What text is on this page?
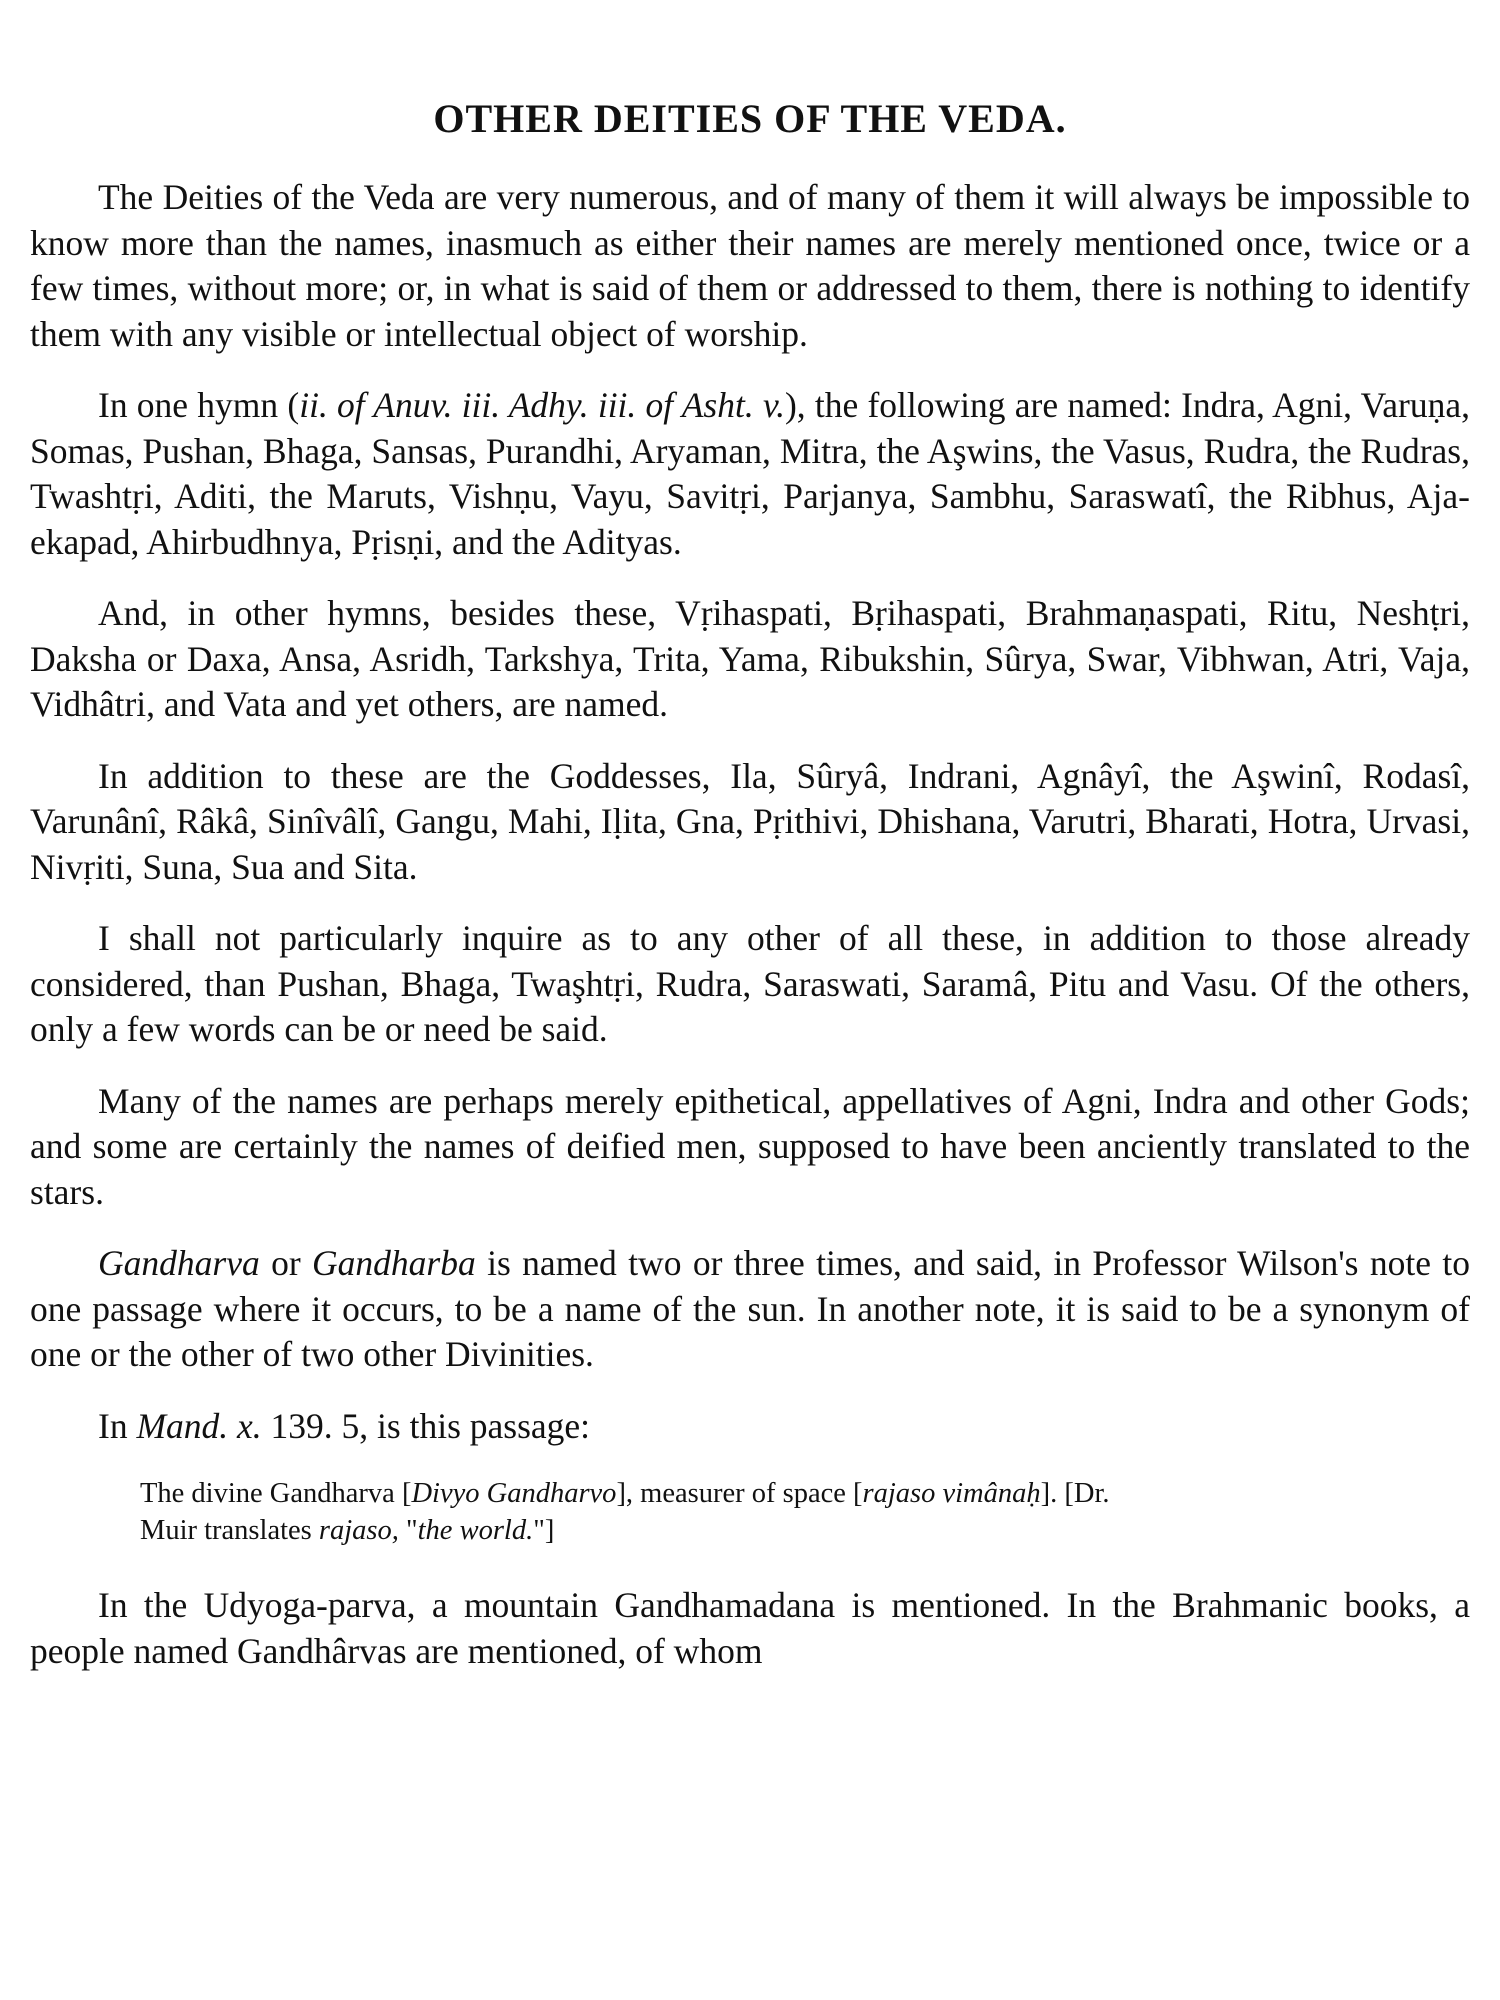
OTHER DEITIES OF THE VEDA.

The Deities of the Veda are very numerous, and of many of them it will always be impossible to know more than the names, inasmuch as either their names are merely mentioned once, twice or a few times, without more; or, in what is said of them or addressed to them, there is nothing to identify them with any visible or intellectual object of worship.

In one hymn (ii. of Anuv. iii. Adhy. iii. of Asht. v.), the following are named: Indra, Agni, Varuṇa, Somas, Pushan, Bhaga, Sansas, Purandhi, Aryaman, Mitra, the Aşwins, the Vasus, Rudra, the Rudras, Twashtṛi, Aditi, the Maruts, Vishṇu, Vayu, Savitṛi, Parjanya, Sambhu, Saraswatî, the Ribhus, Aja-ekapad, Ahirbudhnya, Pṛisṇi, and the Adityas.

And, in other hymns, besides these, Vṛihaspati, Bṛihaspati, Brahmaṇaspati, Ritu, Neshṭri, Daksha or Daxa, Ansa, Asridh, Tarkshya, Trita, Yama, Ribukshin, Sûrya, Swar, Vibhwan, Atri, Vaja, Vidhâtri, and Vata and yet others, are named.

In addition to these are the Goddesses, Ila, Sûryâ, Indrani, Agnâyî, the Aşwinî, Rodasî, Varunânî, Râkâ, Sinîvâlî, Gangu, Mahi, Iḷita, Gna, Pṛithivi, Dhishana, Varutri, Bharati, Hotra, Urvasi, Nivṛiti, Suna, Sua and Sita.

I shall not particularly inquire as to any other of all these, in addition to those already considered, than Pushan, Bhaga, Twaşhtṛi, Rudra, Saraswati, Saramâ, Pitu and Vasu. Of the others, only a few words can be or need be said.

Many of the names are perhaps merely epithetical, appellatives of Agni, Indra and other Gods; and some are certainly the names of deified men, supposed to have been anciently translated to the stars.

Gandharva or Gandharba is named two or three times, and said, in Professor Wilson's note to one passage where it occurs, to be a name of the sun. In another note, it is said to be a synonym of one or the other of two other Divinities.

In Mand. x. 139. 5, is this passage:

The divine Gandharva [Divyo Gandharvo], measurer of space [rajaso vimânaḥ]. [Dr.
Muir translates rajaso, "the world."]

In the Udyoga-parva, a mountain Gandhamadana is mentioned. In the Brahmanic books, a people named Gandhârvas are mentioned, of whom
